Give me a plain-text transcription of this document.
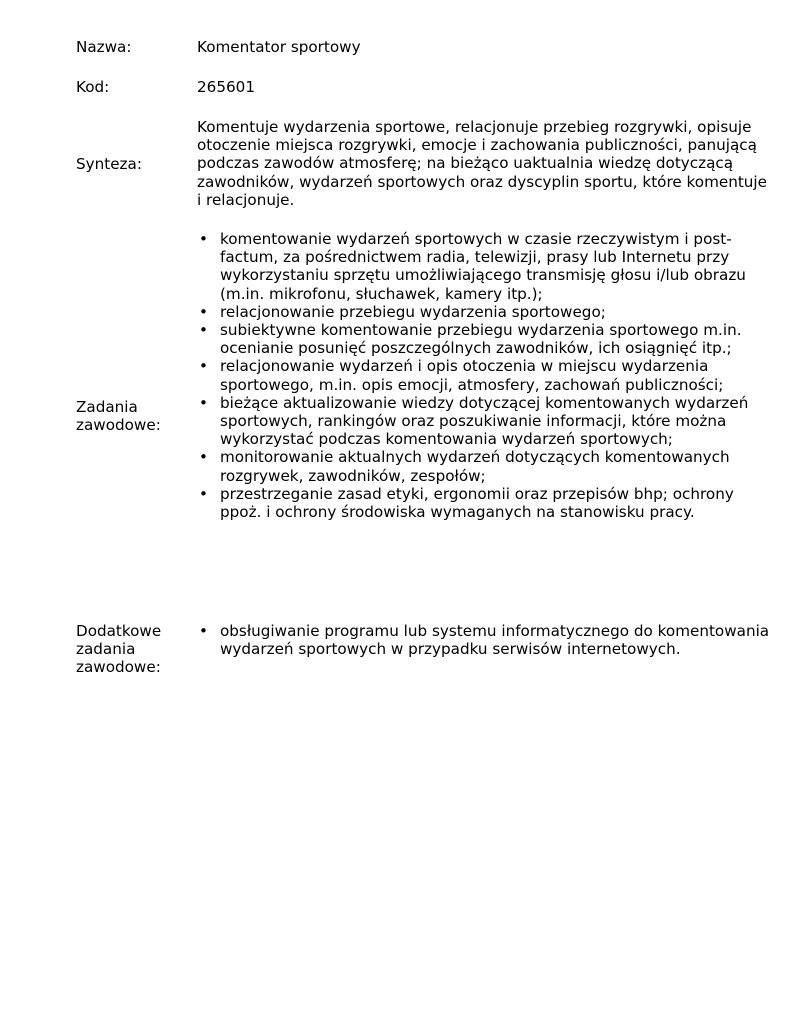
Nazwa:	Komentator sportowy
Kod:	265601
Synteza:
Komentuje wydarzenia sportowe, relacjonuje przebieg rozgrywki, opisuje otoczenie miejsca rozgrywki, emocje i zachowania publiczności, panującą podczas zawodów atmosferę; na bieżąco uaktualnia wiedzę dotyczącą zawodników, wydarzeń sportowych oraz dyscyplin sportu, które komentuje i relacjonuje.
Zadania
zawodowe:
• komentowanie wydarzeń sportowych w czasie rzeczywistym i post-factum, za pośrednictwem radia, telewizji, prasy lub Internetu przy wykorzystaniu sprzętu umożliwiającego transmisję głosu i/lub obrazu (m.in. mikrofonu, słuchawek, kamery itp.);
• relacjonowanie przebiegu wydarzenia sportowego;
• subiektywne komentowanie przebiegu wydarzenia sportowego m.in. ocenianie posunięć poszczególnych zawodników, ich osiągnięć itp.;
• relacjonowanie wydarzeń i opis otoczenia w miejscu wydarzenia sportowego, m.in. opis emocji, atmosfery, zachowań publiczności;
• bieżące aktualizowanie wiedzy dotyczącej komentowanych wydarzeń sportowych, rankingów oraz poszukiwanie informacji, które można wykorzystać podczas komentowania wydarzeń sportowych;
• monitorowanie aktualnych wydarzeń dotyczących komentowanych rozgrywek, zawodników, zespołów;
• przestrzeganie zasad etyki, ergonomii oraz przepisów bhp; ochrony ppoż. i ochrony środowiska wymaganych na stanowisku pracy.
Dodatkowe
zadania
zawodowe:
• obsługiwanie programu lub systemu informatycznego do komentowania wydarzeń sportowych w przypadku serwisów internetowych.
